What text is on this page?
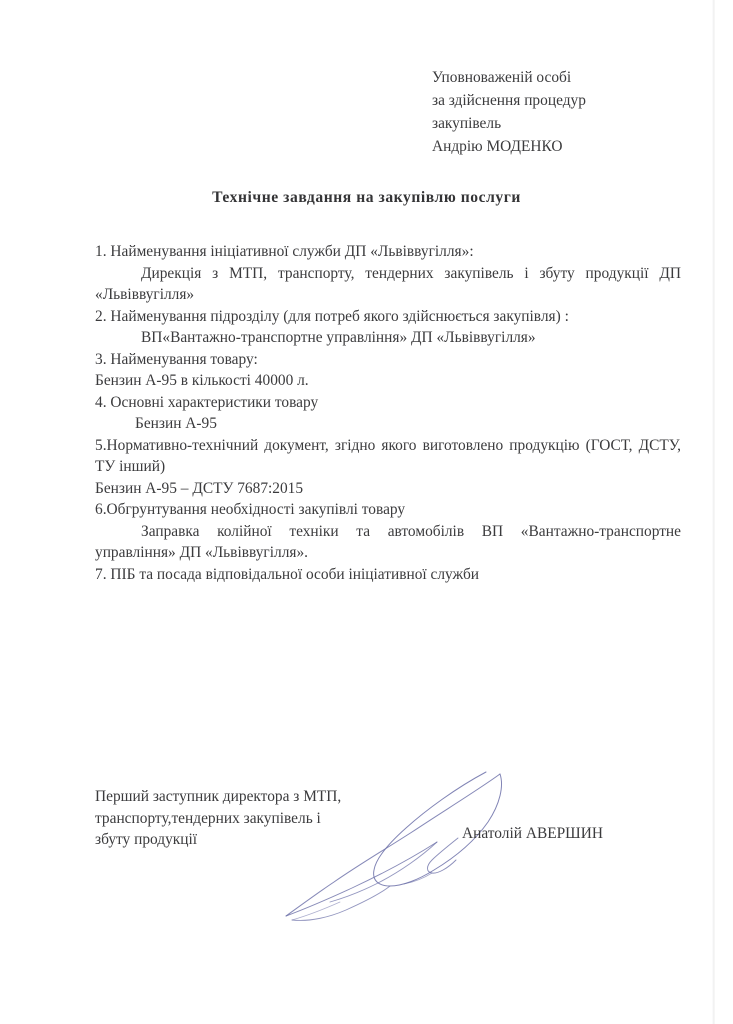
Уповноваженій особі
за здійснення процедур
закупівель
Андрію МОДЕНКО
Технічне завдання на закупівлю послуги

1. Найменування ініціативної служби ДП «Львіввугілля»:

Дирекція з МТП, транспорту, тендерних закупівель і збуту продукції ДП «Львіввугілля»

2. Найменування підрозділу (для потреб якого здійснюється закупівля) :

ВП«Вантажно-транспортне управління» ДП «Львіввугілля»

3. Найменування товару:

Бензин А-95 в кількості 40000 л.

4. Основні характеристики товару

Бензин А-95

5.Нормативно-технічний документ, згідно якого виготовлено продукцію (ГОСТ, ДСТУ, ТУ інший)

Бензин А-95 – ДСТУ 7687:2015

6.Обгрунтування необхідності закупівлі товару

Заправка колійної техніки та автомобілів ВП «Вантажно-транспортне управління» ДП «Львіввугілля».

7. ПІБ та посада відповідальної особи ініціативної служби

Перший заступник директора з МТП,
транспорту,тендерних закупівель і
збуту продукції	Анатолій АВЕРШИН
